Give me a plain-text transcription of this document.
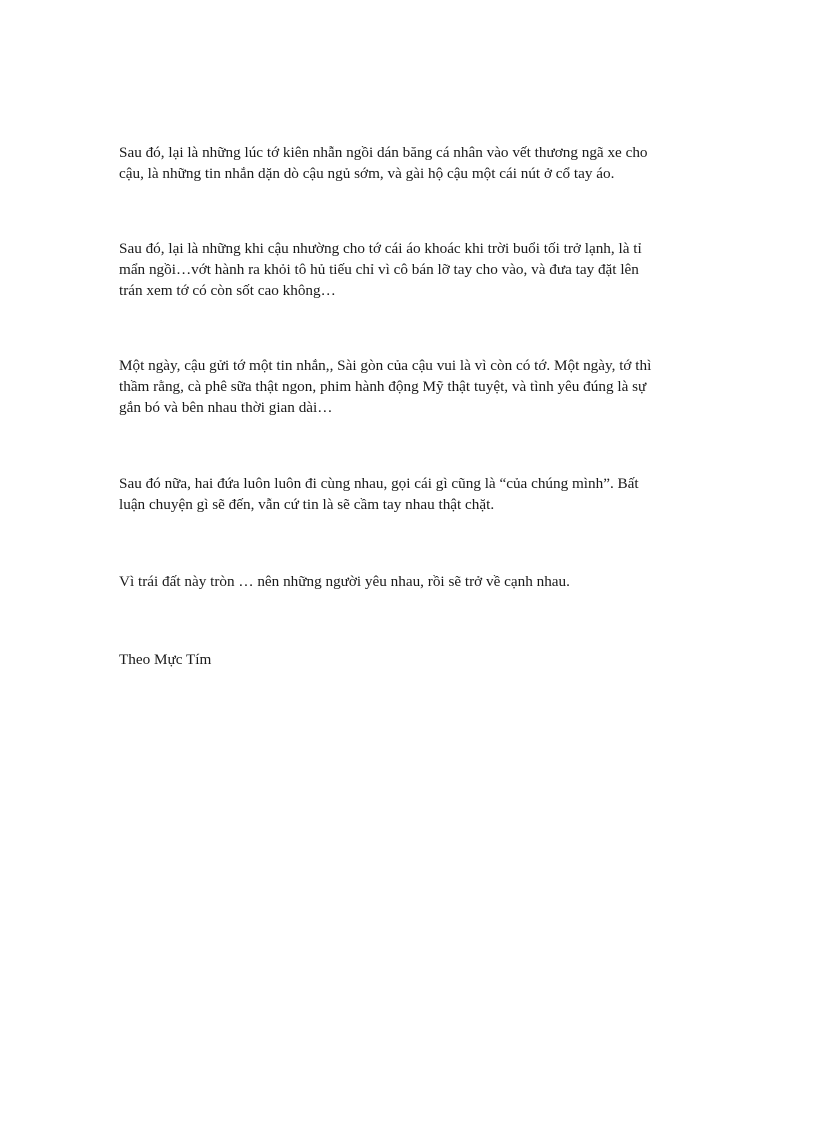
Sau đó, lại là những lúc tớ kiên nhẫn ngồi dán băng cá nhân vào vết thương ngã xe cho
cậu, là những tin nhắn dặn dò cậu ngủ sớm, và gài hộ cậu một cái nút ở cổ tay áo.

Sau đó, lại là những khi cậu nhường cho tớ cái áo khoác khi trời buổi tối trở lạnh, là tỉ
mẩn ngồi…vớt hành ra khỏi tô hủ tiếu chỉ vì cô bán lỡ tay cho vào, và đưa tay đặt lên
trán xem tớ có còn sốt cao không…

Một ngày, cậu gửi tớ một tin nhắn,, Sài gòn của cậu vui là vì còn có tớ. Một ngày, tớ thì
thầm rằng, cà phê sữa thật ngon, phim hành động Mỹ thật tuyệt, và tình yêu đúng là sự
gắn bó và bên nhau thời gian dài…

Sau đó nữa, hai đứa luôn luôn đi cùng nhau, gọi cái gì cũng là “của chúng mình”. Bất
luận chuyện gì sẽ đến, vẫn cứ tin là sẽ cầm tay nhau thật chặt.

Vì trái đất này tròn … nên những người yêu nhau, rồi sẽ trở về cạnh nhau.

Theo Mực Tím
